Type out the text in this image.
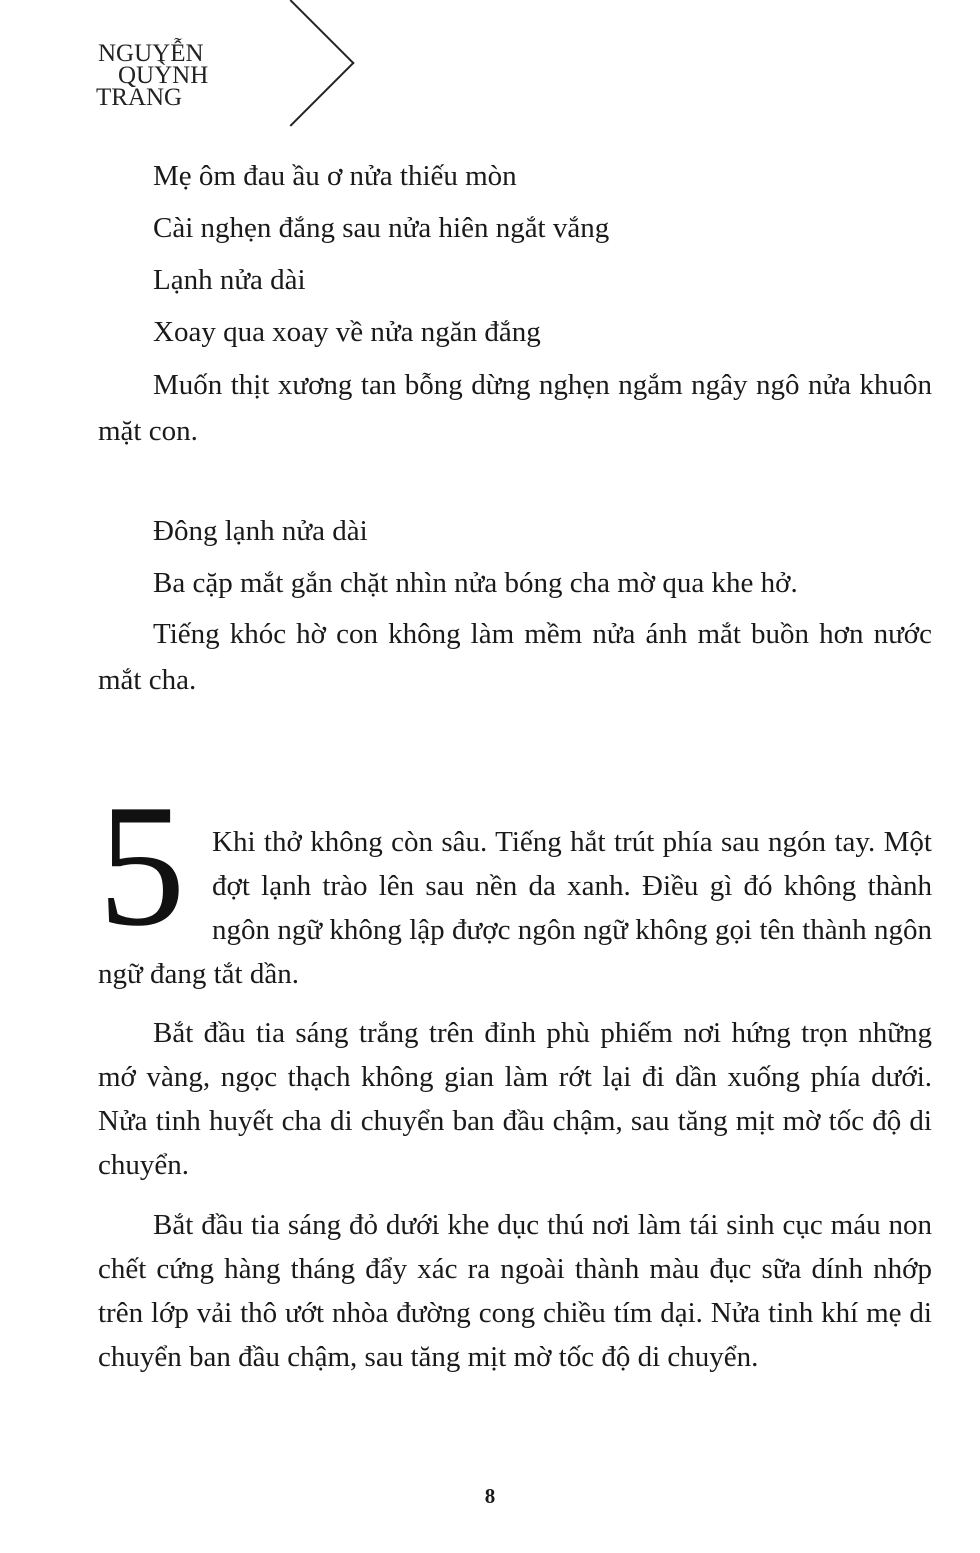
NGUYỄN
QUỲNH
TRANG
Mẹ ôm đau ầu ơ nửa thiếu mòn
Cài nghẹn đắng sau nửa hiên ngắt vắng
Lạnh nửa dài
Xoay qua xoay về nửa ngăn đắng

Muốn thịt xương tan bỗng dừng nghẹn ngắm ngây ngô nửa khuôn mặt con.

Đông lạnh nửa dài
Ba cặp mắt gắn chặt nhìn nửa bóng cha mờ qua khe hở.

Tiếng khóc hờ con không làm mềm nửa ánh mắt buồn hơn nước mắt cha.

5 Khi thở không còn sâu. Tiếng hắt trút phía sau ngón tay. Một đợt lạnh trào lên sau nền da xanh. Điều gì đó không thành ngôn ngữ không lập được ngôn ngữ không gọi tên thành ngôn ngữ đang tắt dần.

Bắt đầu tia sáng trắng trên đỉnh phù phiếm nơi hứng trọn những mớ vàng, ngọc thạch không gian làm rớt lại đi dần xuống phía dưới. Nửa tinh huyết cha di chuyển ban đầu chậm, sau tăng mịt mờ tốc độ di chuyển.

Bắt đầu tia sáng đỏ dưới khe dục thú nơi làm tái sinh cục máu non chết cứng hàng tháng đẩy xác ra ngoài thành màu đục sữa dính nhớp trên lớp vải thô ướt nhòa đường cong chiều tím dại. Nửa tinh khí mẹ di chuyển ban đầu chậm, sau tăng mịt mờ tốc độ di chuyển.

8
